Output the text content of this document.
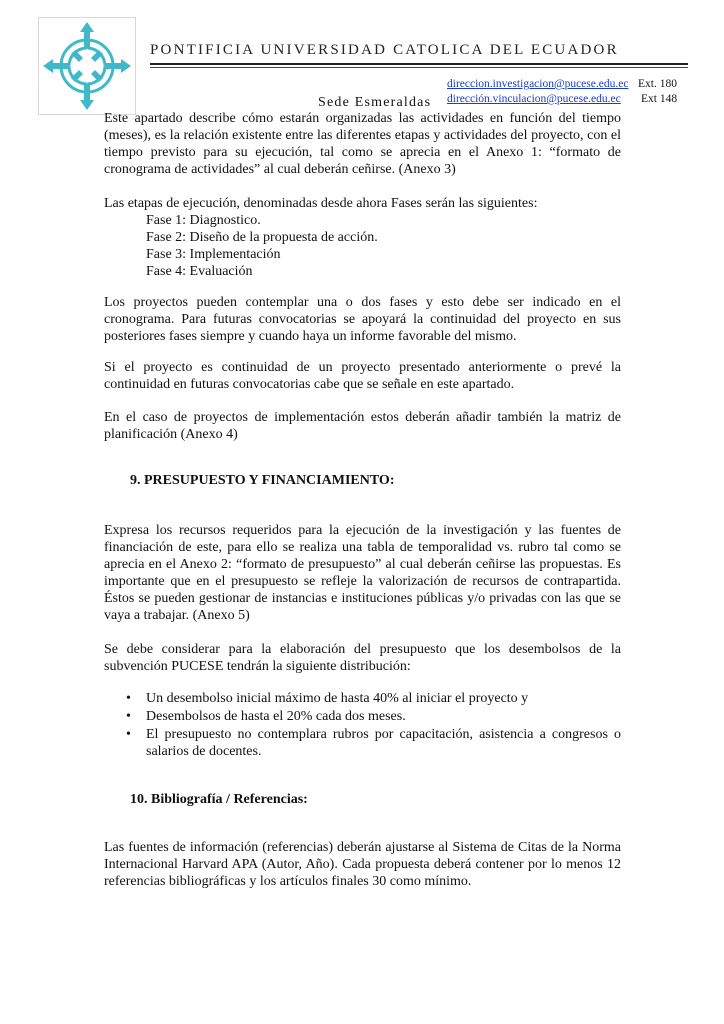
PONTIFICIA UNIVERSIDAD CATOLICA DEL ECUADOR
direccion.investigacion@pucese.edu.ec Ext. 180
dirección.vinculacion@pucese.edu.ec Ext 148
Sede Esmeraldas
Este apartado describe cómo estarán organizadas las actividades en función del tiempo (meses), es la relación existente entre las diferentes etapas y actividades del proyecto, con el tiempo previsto para su ejecución, tal como se aprecia en el Anexo 1: “formato de cronograma de actividades” al cual deberán ceñirse. (Anexo 3)
Las etapas de ejecución, denominadas desde ahora Fases serán las siguientes:
Fase 1: Diagnostico.
Fase 2: Diseño de la propuesta de acción.
Fase 3: Implementación
Fase 4: Evaluación
Los proyectos pueden contemplar una o dos fases y esto debe ser indicado en el cronograma. Para futuras convocatorias se apoyará la continuidad del proyecto en sus posteriores fases siempre y cuando haya un informe favorable del mismo.
Si el proyecto es continuidad de un proyecto presentado anteriormente o prevé la continuidad en futuras convocatorias cabe que se señale en este apartado.
En el caso de proyectos de implementación estos deberán añadir también la matriz de planificación (Anexo 4)
9. PRESUPUESTO Y FINANCIAMIENTO:
Expresa los recursos requeridos para la ejecución de la investigación y las fuentes de financiación de este, para ello se realiza una tabla de temporalidad vs. rubro tal como se aprecia en el Anexo 2: “formato de presupuesto” al cual deberán ceñirse las propuestas. Es importante que en el presupuesto se refleje la valorización de recursos de contrapartida. Éstos se pueden gestionar de instancias e instituciones públicas y/o privadas con las que se vaya a trabajar. (Anexo 5)
Se debe considerar para la elaboración del presupuesto que los desembolsos de la subvención PUCESE tendrán la siguiente distribución:
• Un desembolso inicial máximo de hasta 40% al iniciar el proyecto y
• Desembolsos de hasta el 20% cada dos meses.
• El presupuesto no contemplara rubros por capacitación, asistencia a congresos o salarios de docentes.
10. Bibliografía / Referencias:
Las fuentes de información (referencias) deberán ajustarse al Sistema de Citas de la Norma Internacional Harvard APA (Autor, Año). Cada propuesta deberá contener por lo menos 12 referencias bibliográficas y los artículos finales 30 como mínimo.
